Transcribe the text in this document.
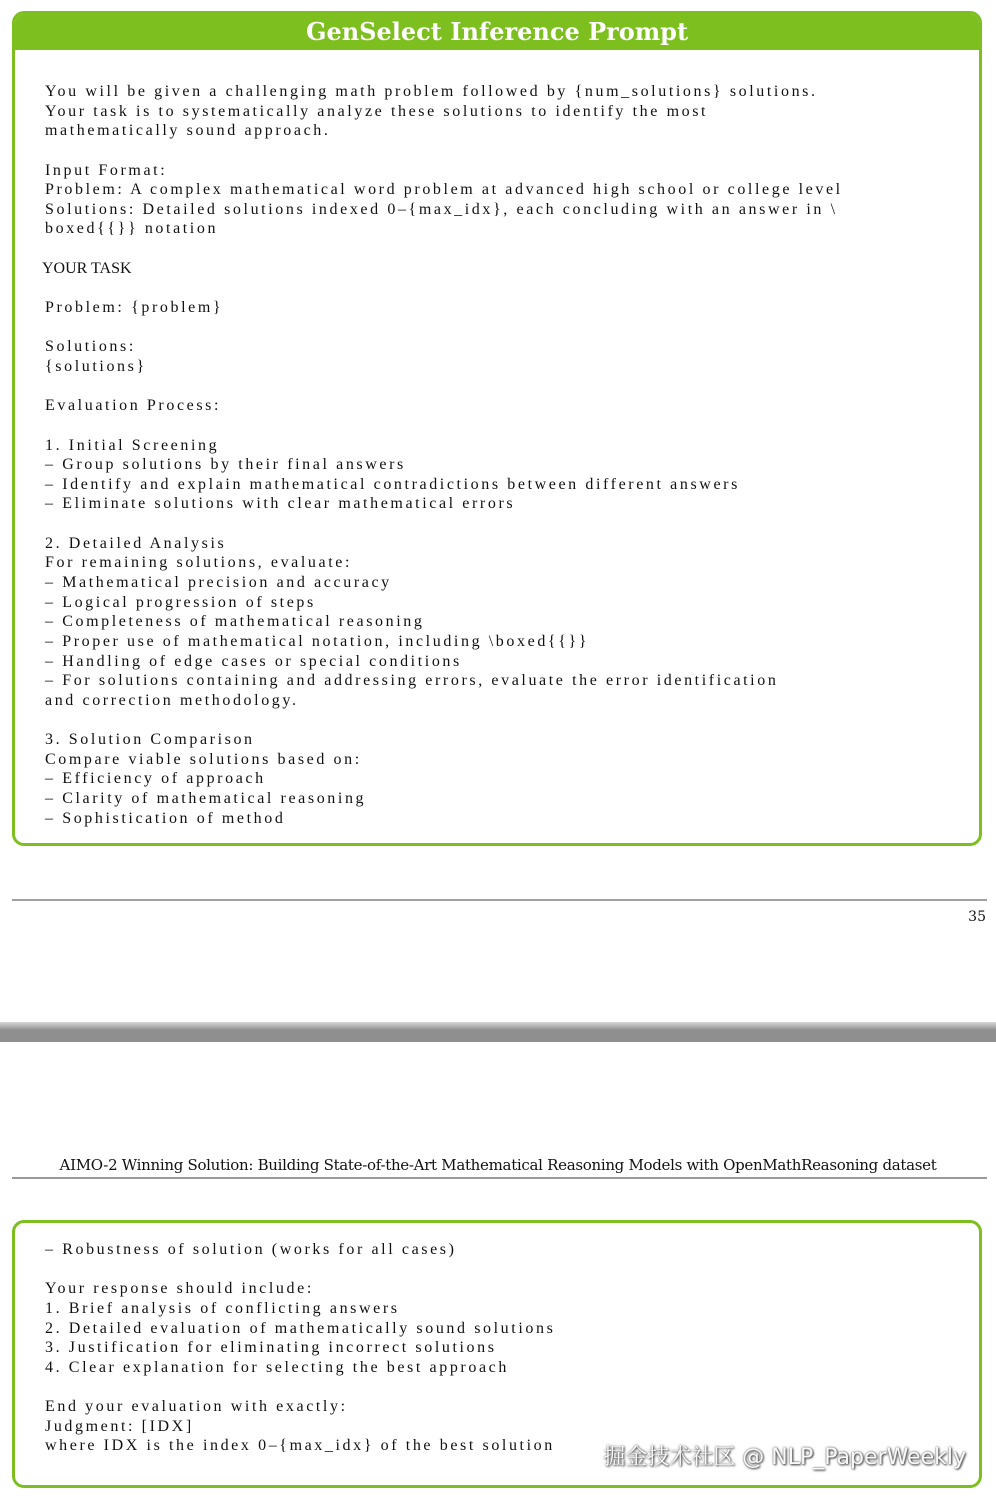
GenSelect Inference Prompt
You will be given a challenging math problem followed by {num_solutions} solutions.
Your task is to systematically analyze these solutions to identify the most
mathematically sound approach.
Input Format:
Problem: A complex mathematical word problem at advanced high school or college level
Solutions: Detailed solutions indexed 0–{max_idx}, each concluding with an answer in \
boxed{{}} notation
YOUR TASK
Problem: {problem}
Solutions:
{solutions}
Evaluation Process:
1. Initial Screening
– Group solutions by their final answers
– Identify and explain mathematical contradictions between different answers
– Eliminate solutions with clear mathematical errors
2. Detailed Analysis
For remaining solutions, evaluate:
– Mathematical precision and accuracy
– Logical progression of steps
– Completeness of mathematical reasoning
– Proper use of mathematical notation, including \boxed{{}}
– Handling of edge cases or special conditions
– For solutions containing and addressing errors, evaluate the error identification
and correction methodology.
3. Solution Comparison
Compare viable solutions based on:
– Efficiency of approach
– Clarity of mathematical reasoning
– Sophistication of method
35
AIMO-2 Winning Solution: Building State-of-the-Art Mathematical Reasoning Models with OpenMathReasoning dataset
– Robustness of solution (works for all cases)
Your response should include:
1. Brief analysis of conflicting answers
2. Detailed evaluation of mathematically sound solutions
3. Justification for eliminating incorrect solutions
4. Clear explanation for selecting the best approach
End your evaluation with exactly:
Judgment: [IDX]
where IDX is the index 0–{max_idx} of the best solution	掘金技术社区 @ NLP_PaperWeekly
